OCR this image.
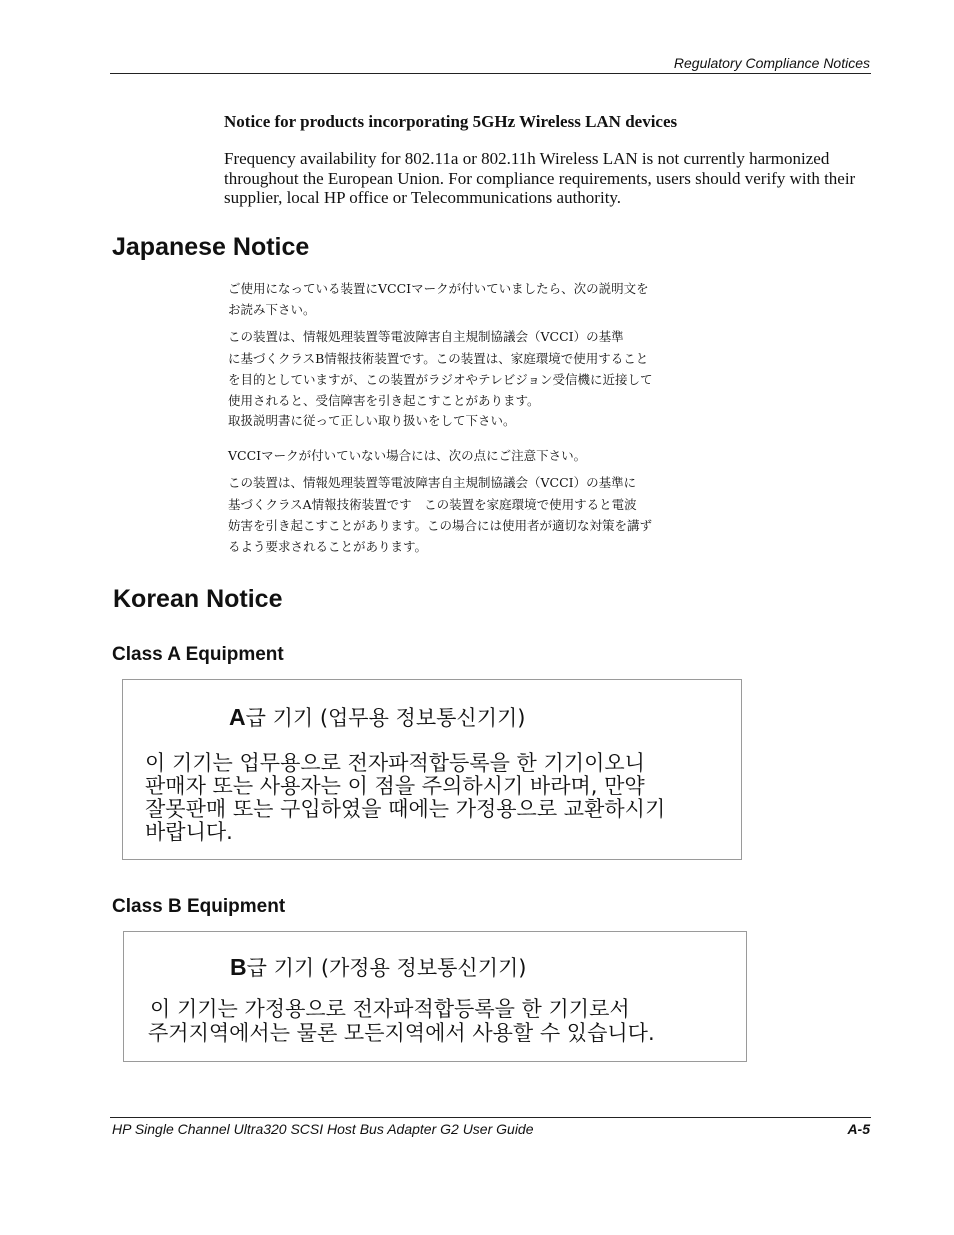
Regulatory Compliance Notices
Notice for products incorporating 5GHz Wireless LAN devices
Frequency availability for 802.11a or 802.11h Wireless LAN is not currently harmonized throughout the European Union. For compliance requirements, users should verify with their supplier, local HP office or Telecommunications authority.
Japanese Notice
ご使用になっている装置にVCCIマークが付いていましたら、次の説明文を
お読み下さい。
この装置は、情報処理装置等電波障害自主規制協議会（VCCI）の基準
に基づくクラスB情報技術装置です。この装置は、家庭環境で使用すること
を目的としていますが、この装置がラジオやテレビジョン受信機に近接して
使用されると、受信障害を引き起こすことがあります。
取扱説明書に従って正しい取り扱いをして下さい。
VCCIマークが付いていない場合には、次の点にご注意下さい。
この装置は、情報処理装置等電波障害自主規制協議会（VCCI）の基準に
基づくクラスA情報技術装置です　この装置を家庭環境で使用すると電波
妨害を引き起こすことがあります。この場合には使用者が適切な対策を講ず
るよう要求されることがあります。
Korean Notice
Class A Equipment
A급 기기 (업무용 정보통신기기)
이 기기는 업무용으로 전자파적합등록을 한 기기이오니
판매자 또는 사용자는 이 점을 주의하시기 바라며, 만약
잘못판매 또는 구입하였을 때에는 가정용으로 교환하시기
바랍니다.
Class B Equipment
B급 기기 (가정용 정보통신기기)
이 기기는 가정용으로 전자파적합등록을 한 기기로서
주거지역에서는 물론 모든지역에서 사용할 수 있습니다.
HP Single Channel Ultra320 SCSI Host Bus Adapter G2 User Guide	A-5
